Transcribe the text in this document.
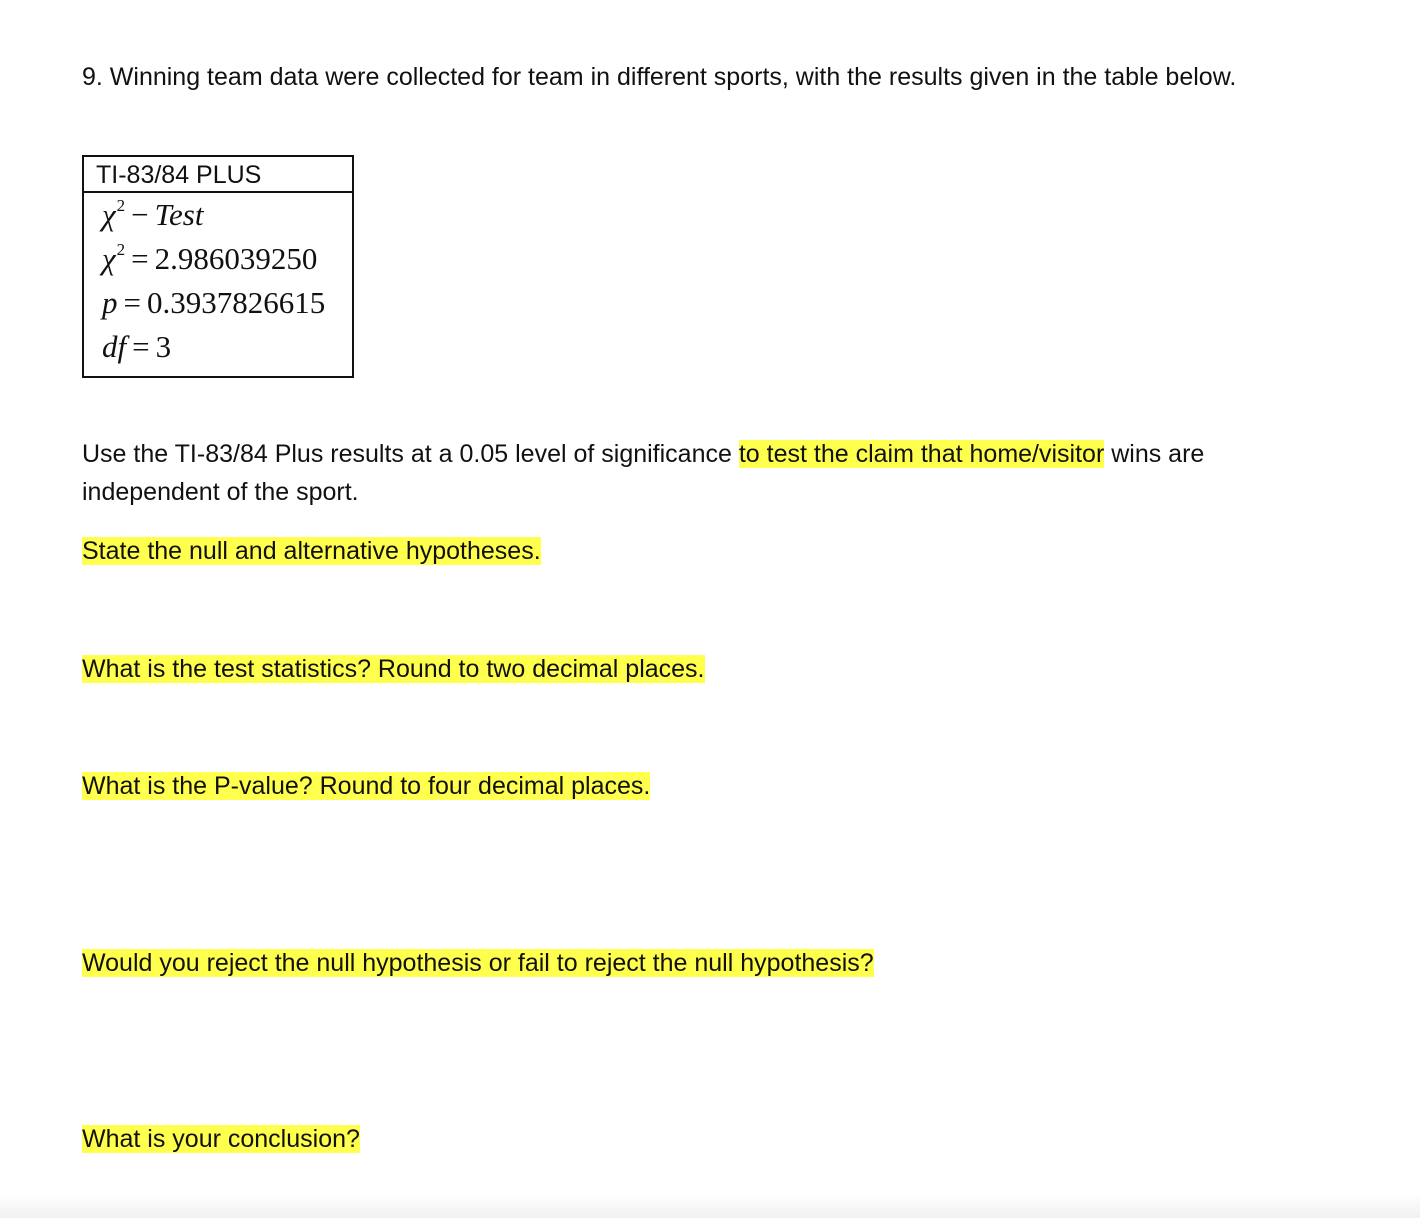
9. Winning team data were collected for team in different sports, with the results given in the table below.

TI-83/84 PLUS
$\chi^2$ − Test
$\chi^2 = 2.986039250$
p = 0.3937826615
df = 3

Use the TI-83/84 Plus results at a 0.05 level of significance to test the claim that home/visitor wins are independent of the sport.

State the null and alternative hypotheses.

What is the test statistics? Round to two decimal places.

What is the P-value? Round to four decimal places.

Would you reject the null hypothesis or fail to reject the null hypothesis?

What is your conclusion?
